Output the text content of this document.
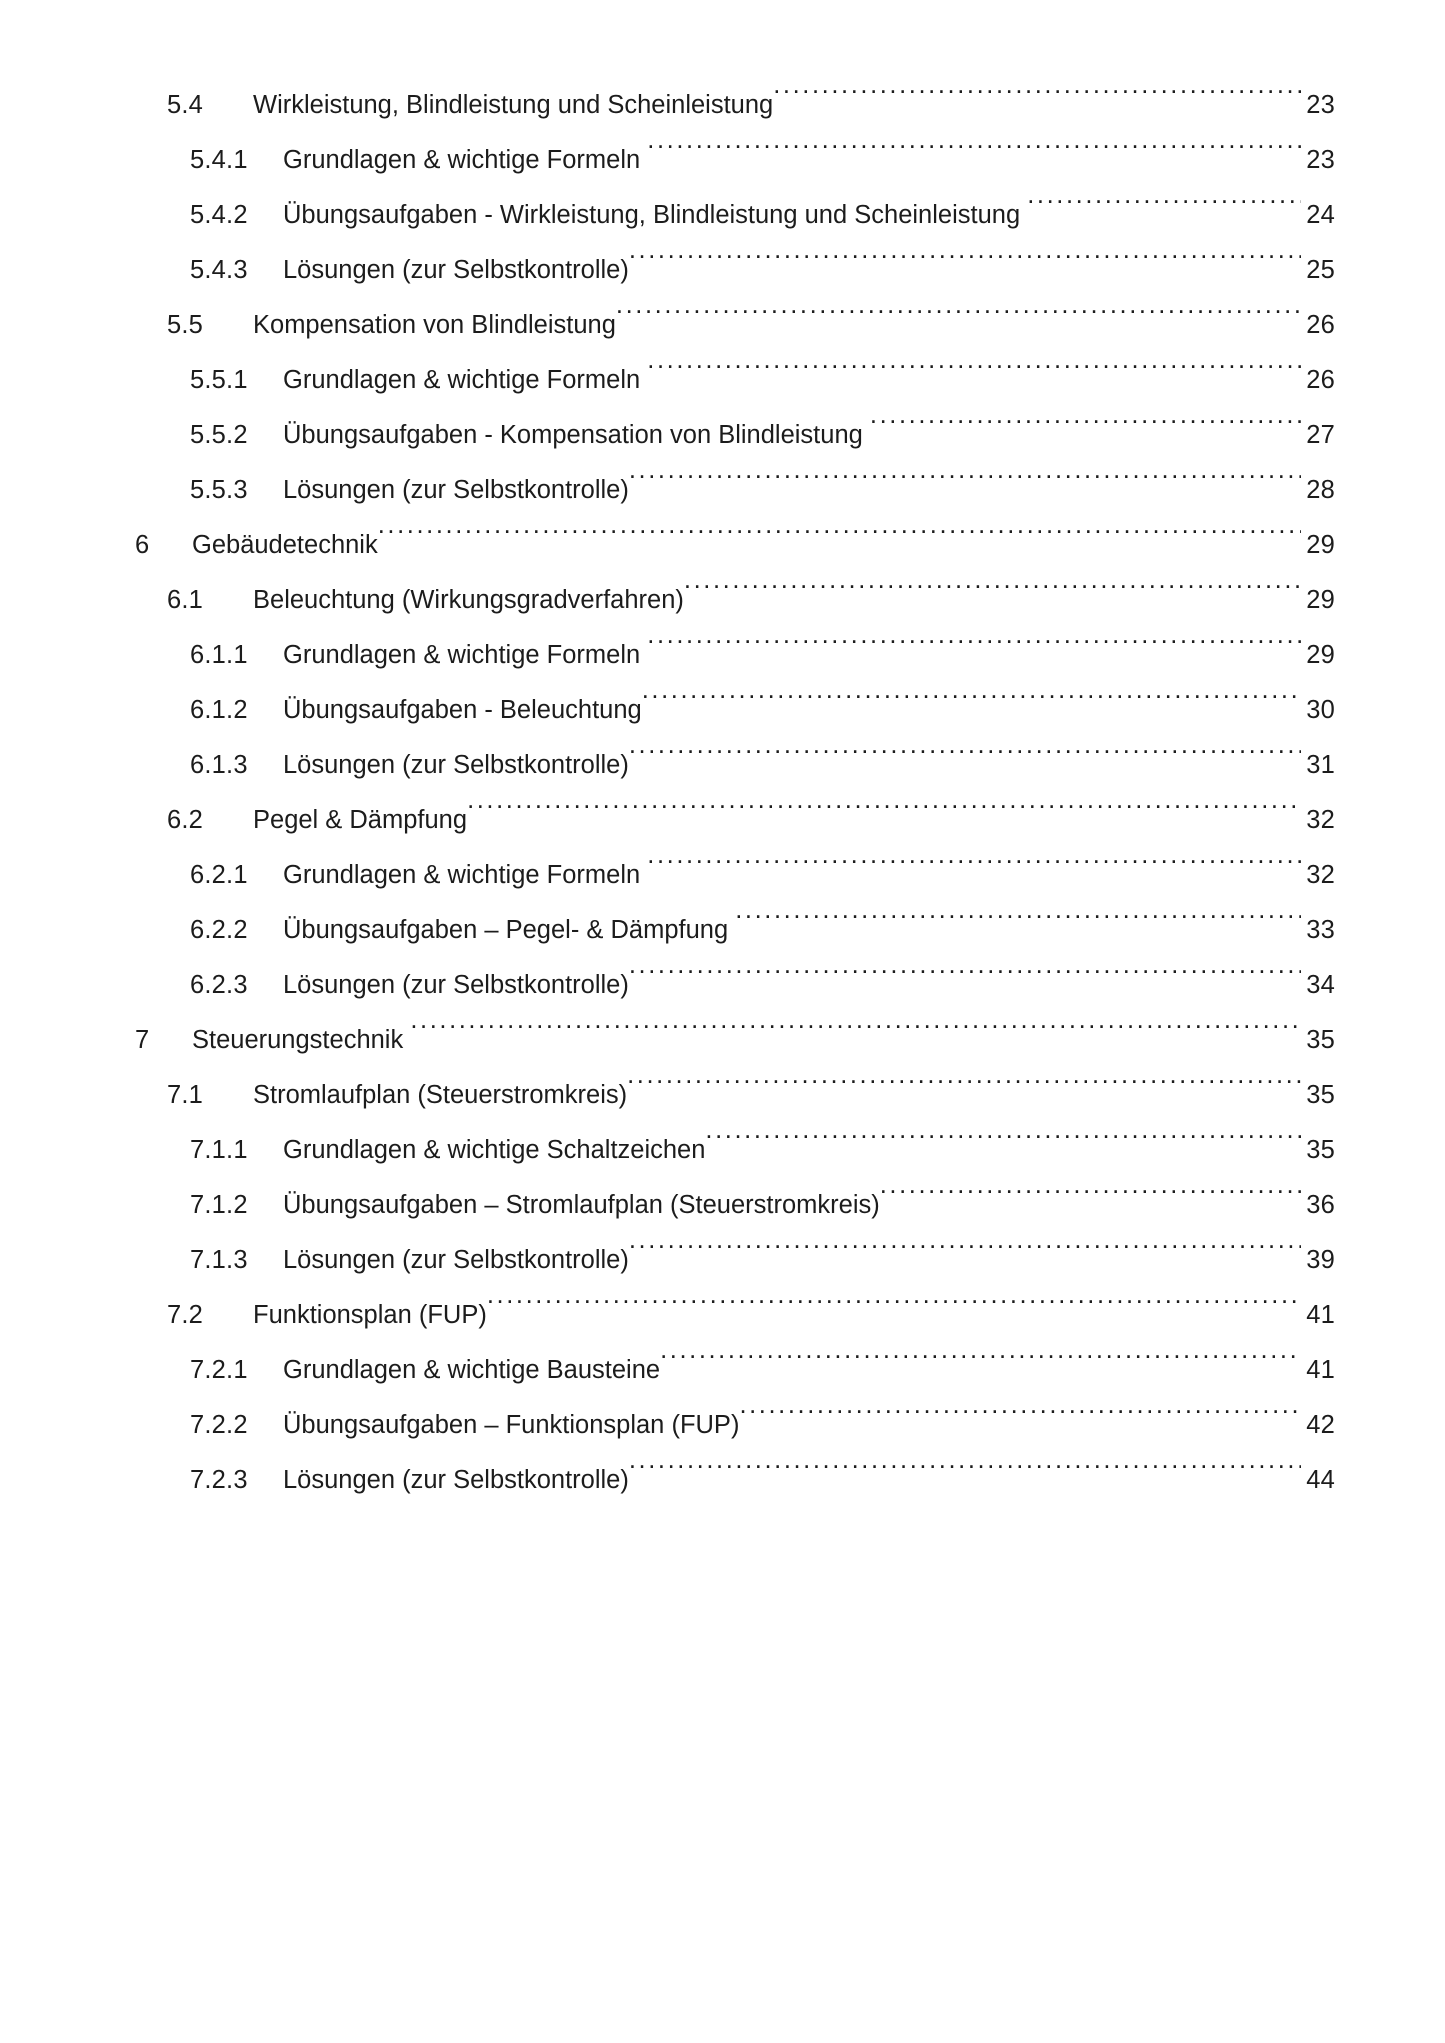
5.4	Wirkleistung, Blindleistung und Scheinleistung .....	23
5.4.1	Grundlagen & wichtige Formeln .....	23
5.4.2	Übungsaufgaben - Wirkleistung, Blindleistung und Scheinleistung .....	24
5.4.3	Lösungen (zur Selbstkontrolle) .....	25
5.5	Kompensation von Blindleistung .....	26
5.5.1	Grundlagen & wichtige Formeln .....	26
5.5.2	Übungsaufgaben - Kompensation von Blindleistung .....	27
5.5.3	Lösungen (zur Selbstkontrolle) .....	28
6	Gebäudetechnik .....	29
6.1	Beleuchtung (Wirkungsgradverfahren) .....	29
6.1.1	Grundlagen & wichtige Formeln .....	29
6.1.2	Übungsaufgaben - Beleuchtung .....	30
6.1.3	Lösungen (zur Selbstkontrolle) .....	31
6.2	Pegel & Dämpfung .....	32
6.2.1	Grundlagen & wichtige Formeln .....	32
6.2.2	Übungsaufgaben – Pegel- & Dämpfung .....	33
6.2.3	Lösungen (zur Selbstkontrolle) .....	34
7	Steuerungstechnik .....	35
7.1	Stromlaufplan (Steuerstromkreis) .....	35
7.1.1	Grundlagen & wichtige Schaltzeichen .....	35
7.1.2	Übungsaufgaben – Stromlaufplan (Steuerstromkreis) .....	36
7.1.3	Lösungen (zur Selbstkontrolle) .....	39
7.2	Funktionsplan (FUP) .....	41
7.2.1	Grundlagen & wichtige Bausteine .....	41
7.2.2	Übungsaufgaben – Funktionsplan (FUP) .....	42
7.2.3	Lösungen (zur Selbstkontrolle) .....	44
